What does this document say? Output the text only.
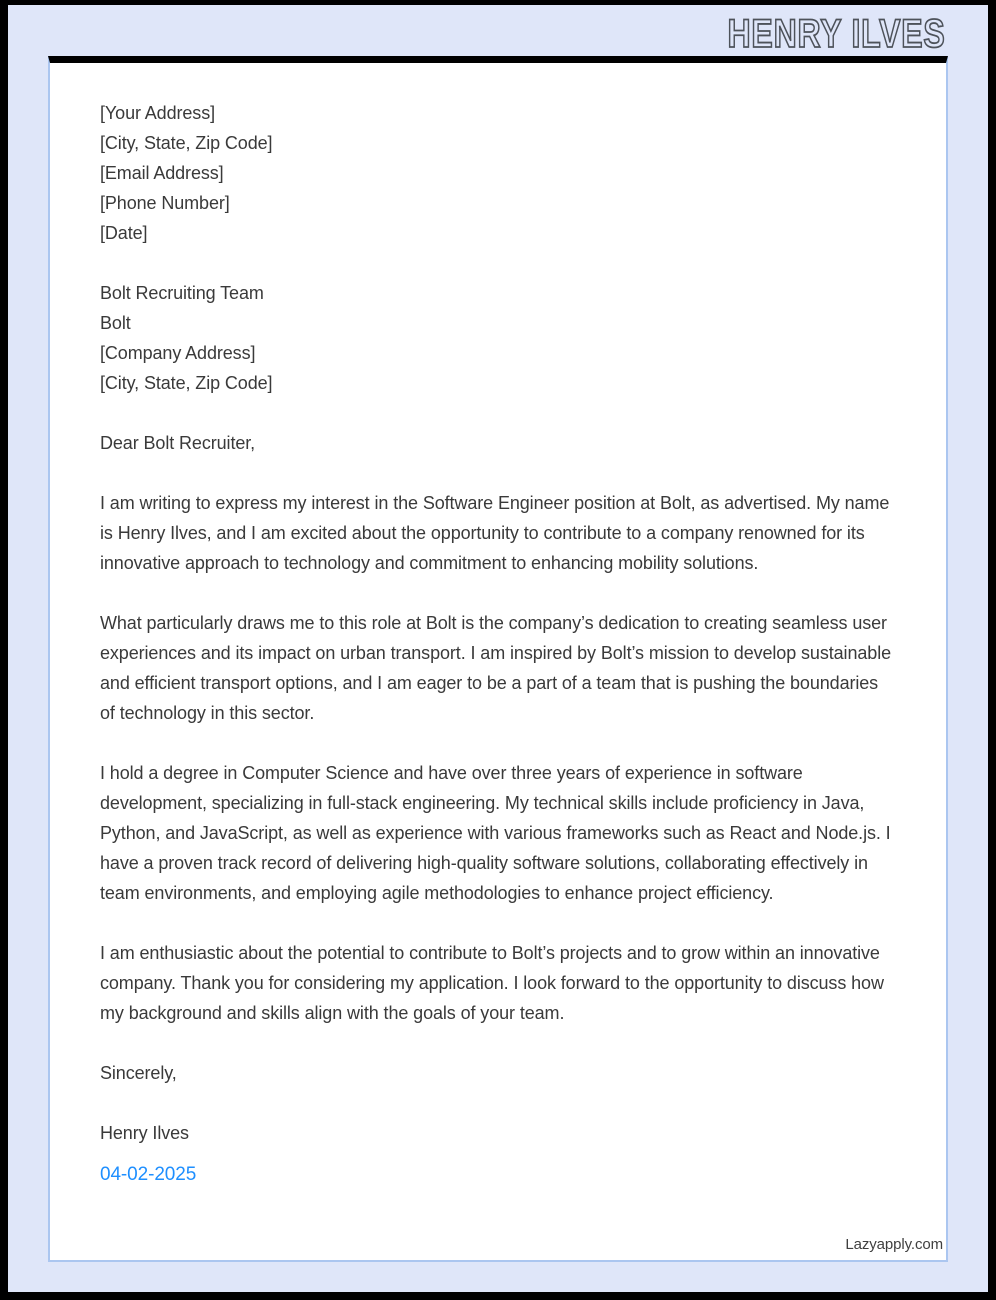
HENRY ILVES
[Your Address]
[City, State, Zip Code]
[Email Address]
[Phone Number]
[Date]
Bolt Recruiting Team
Bolt
[Company Address]
[City, State, Zip Code]
Dear Bolt Recruiter,
I am writing to express my interest in the Software Engineer position at Bolt, as advertised. My name is Henry Ilves, and I am excited about the opportunity to contribute to a company renowned for its innovative approach to technology and commitment to enhancing mobility solutions.
What particularly draws me to this role at Bolt is the company’s dedication to creating seamless user experiences and its impact on urban transport. I am inspired by Bolt’s mission to develop sustainable and efficient transport options, and I am eager to be a part of a team that is pushing the boundaries of technology in this sector.
I hold a degree in Computer Science and have over three years of experience in software development, specializing in full-stack engineering. My technical skills include proficiency in Java, Python, and JavaScript, as well as experience with various frameworks such as React and Node.js. I have a proven track record of delivering high-quality software solutions, collaborating effectively in team environments, and employing agile methodologies to enhance project efficiency.
I am enthusiastic about the potential to contribute to Bolt’s projects and to grow within an innovative company. Thank you for considering my application. I look forward to the opportunity to discuss how my background and skills align with the goals of your team.
Sincerely,
Henry Ilves
04-02-2025
Lazyapply.com
